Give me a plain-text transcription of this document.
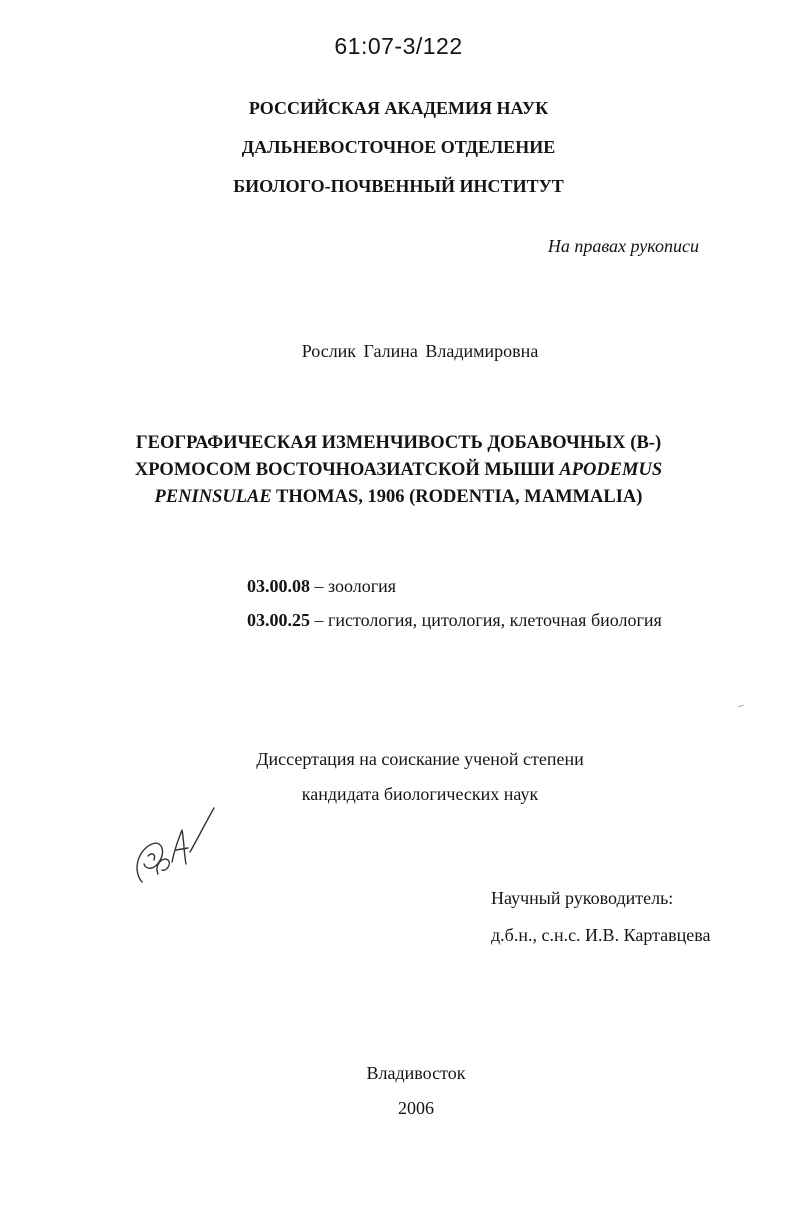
61:07-3/122
РОССИЙСКАЯ АКАДЕМИЯ НАУК
ДАЛЬНЕВОСТОЧНОЕ ОТДЕЛЕНИЕ
БИОЛОГО-ПОЧВЕННЫЙ ИНСТИТУТ
На правах рукописи
Рослик Галина Владимировна
ГЕОГРАФИЧЕСКАЯ ИЗМЕНЧИВОСТЬ ДОБАВОЧНЫХ (В-)
ХРОМОСОМ ВОСТОЧНОАЗИАТСКОЙ МЫШИ APODEMUS
PENINSULAE THOMAS, 1906 (RODENTIA, MAMMALIA)
03.00.08 – зоология
03.00.25 – гистология, цитология, клеточная биология
Диссертация на соискание ученой степени
кандидата биологических наук
Научный руководитель:
д.б.н., с.н.с. И.В. Картавцева
Владивосток
2006
